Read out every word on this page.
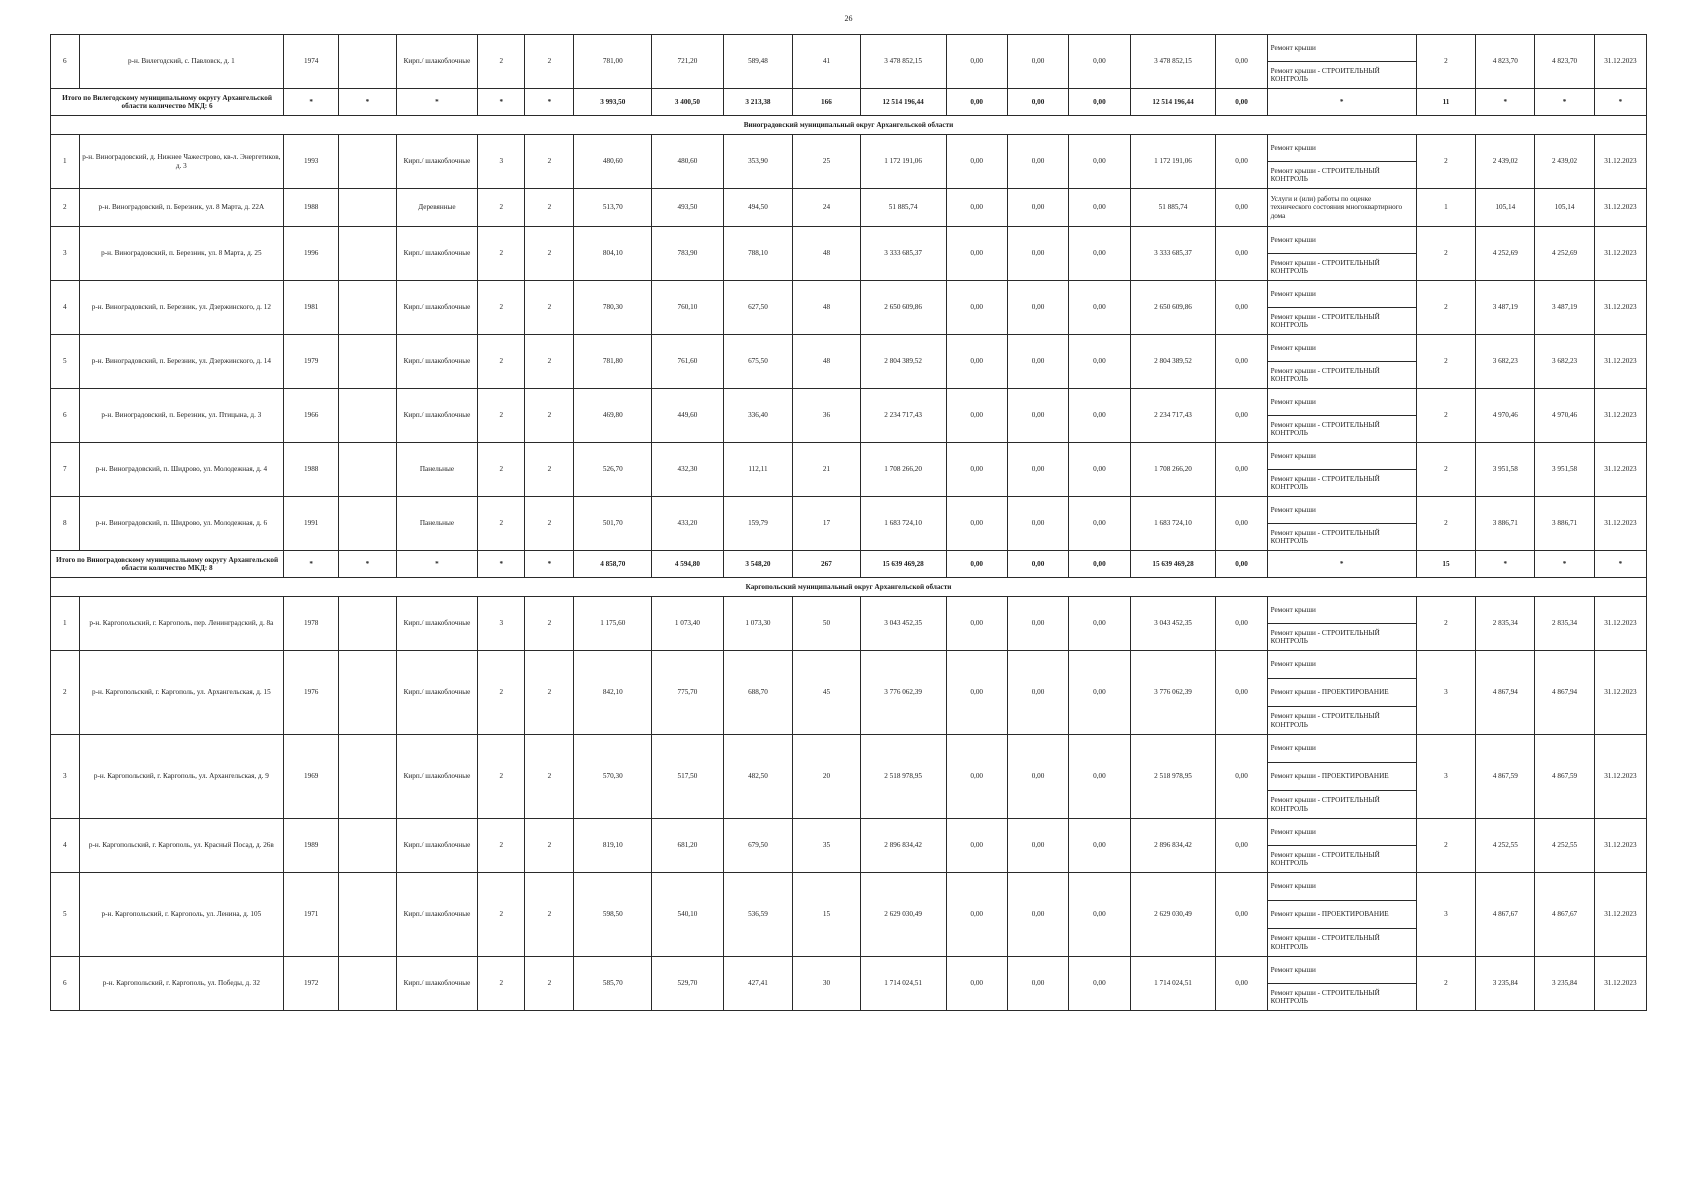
26
6	р-н. Вилегодский, с. Павловск, д. 1	1974		Кирп./ шлакоблочные	2	2	781,00	721,20	589,48	41	3 478 852,15	0,00	0,00	0,00	3 478 852,15	0,00	Ремонт крыши	2	4 823,70	4 823,70	31.12.2023
																	Ремонт крыши - СТРОИТЕЛЬНЫЙ КОНТРОЛЬ				
Итого по Вилегодскому муниципальному округу Архангельской области количество МКД: 6		*	*	*	*	*	3 993,50	3 400,50	3 213,38	166	12 514 196,44	0,00	0,00	0,00	12 514 196,44	0,00	*	11	*	*	*
Виноградовский муниципальный округ Архангельской области																					
1	р-н. Виноградовский, д. Нижнее Чажестрово, кв-л. Энергетиков, д. 3	1993		Кирп./ шлакоблочные	3	2	480,60	480,60	353,90	25	1 172 191,06	0,00	0,00	0,00	1 172 191,06	0,00	Ремонт крыши	2	2 439,02	2 439,02	31.12.2023
																	Ремонт крыши - СТРОИТЕЛЬНЫЙ КОНТРОЛЬ				
2	р-н. Виноградовский, п. Березник, ул. 8 Марта, д. 22А	1988		Деревянные	2	2	513,70	493,50	494,50	24	51 885,74	0,00	0,00	0,00	51 885,74	0,00	Услуги и (или) работы по оценке технического состояния многоквартирного дома	1	105,14	105,14	31.12.2023
3	р-н. Виноградовский, п. Березник, ул. 8 Марта, д. 25	1996		Кирп./ шлакоблочные	2	2	804,10	783,90	788,10	48	3 333 685,37	0,00	0,00	0,00	3 333 685,37	0,00	Ремонт крыши	2	4 252,69	4 252,69	31.12.2023
																	Ремонт крыши - СТРОИТЕЛЬНЫЙ КОНТРОЛЬ				
4	р-н. Виноградовский, п. Березник, ул. Дзержинского, д. 12	1981		Кирп./ шлакоблочные	2	2	780,30	760,10	627,50	48	2 650 609,86	0,00	0,00	0,00	2 650 609,86	0,00	Ремонт крыши	2	3 487,19	3 487,19	31.12.2023
																	Ремонт крыши - СТРОИТЕЛЬНЫЙ КОНТРОЛЬ				
5	р-н. Виноградовский, п. Березник, ул. Дзержинского, д. 14	1979		Кирп./ шлакоблочные	2	2	781,80	761,60	675,50	48	2 804 389,52	0,00	0,00	0,00	2 804 389,52	0,00	Ремонт крыши	2	3 682,23	3 682,23	31.12.2023
																	Ремонт крыши - СТРОИТЕЛЬНЫЙ КОНТРОЛЬ				
6	р-н. Виноградовский, п. Березник, ул. Птицына, д. 3	1966		Кирп./ шлакоблочные	2	2	469,80	449,60	336,40	36	2 234 717,43	0,00	0,00	0,00	2 234 717,43	0,00	Ремонт крыши	2	4 970,46	4 970,46	31.12.2023
																	Ремонт крыши - СТРОИТЕЛЬНЫЙ КОНТРОЛЬ				
7	р-н. Виноградовский, п. Шидрово, ул. Молодежная, д. 4	1988		Панельные	2	2	526,70	432,30	112,11	21	1 708 266,20	0,00	0,00	0,00	1 708 266,20	0,00	Ремонт крыши	2	3 951,58	3 951,58	31.12.2023
																	Ремонт крыши - СТРОИТЕЛЬНЫЙ КОНТРОЛЬ				
8	р-н. Виноградовский, п. Шидрово, ул. Молодежная, д. 6	1991		Панельные	2	2	501,70	433,20	159,79	17	1 683 724,10	0,00	0,00	0,00	1 683 724,10	0,00	Ремонт крыши	2	3 886,71	3 886,71	31.12.2023
																	Ремонт крыши - СТРОИТЕЛЬНЫЙ КОНТРОЛЬ				
Итого по Виноградовскому муниципальному округу Архангельской области количество МКД: 8		*	*	*	*	*	4 858,70	4 594,80	3 548,20	267	15 639 469,28	0,00	0,00	0,00	15 639 469,28	0,00	*	15	*	*	*
Каргопольский муниципальный округ Архангельской области																					
1	р-н. Каргопольский, г. Каргополь, пер. Ленинградский, д. 8а	1978		Кирп./ шлакоблочные	3	2	1 175,60	1 073,40	1 073,30	50	3 043 452,35	0,00	0,00	0,00	3 043 452,35	0,00	Ремонт крыши	2	2 835,34	2 835,34	31.12.2023
																	Ремонт крыши - СТРОИТЕЛЬНЫЙ КОНТРОЛЬ				
2	р-н. Каргопольский, г. Каргополь, ул. Архангельская, д. 15	1976		Кирп./ шлакоблочные	2	2	842,10	775,70	688,70	45	3 776 062,39	0,00	0,00	0,00	3 776 062,39	0,00	Ремонт крыши	3	4 867,94	4 867,94	31.12.2023
																	Ремонт крыши - ПРОЕКТИРОВАНИЕ				
																	Ремонт крыши - СТРОИТЕЛЬНЫЙ КОНТРОЛЬ				
3	р-н. Каргопольский, г. Каргополь, ул. Архангельская, д. 9	1969		Кирп./ шлакоблочные	2	2	570,30	517,50	482,50	20	2 518 978,95	0,00	0,00	0,00	2 518 978,95	0,00	Ремонт крыши	3	4 867,59	4 867,59	31.12.2023
																	Ремонт крыши - ПРОЕКТИРОВАНИЕ				
																	Ремонт крыши - СТРОИТЕЛЬНЫЙ КОНТРОЛЬ				
4	р-н. Каргопольский, г. Каргополь, ул. Красный Посад, д. 26в	1989		Кирп./ шлакоблочные	2	2	819,10	681,20	679,50	35	2 896 834,42	0,00	0,00	0,00	2 896 834,42	0,00	Ремонт крыши	2	4 252,55	4 252,55	31.12.2023
																	Ремонт крыши - СТРОИТЕЛЬНЫЙ КОНТРОЛЬ				
5	р-н. Каргопольский, г. Каргополь, ул. Ленина, д. 105	1971		Кирп./ шлакоблочные	2	2	598,50	540,10	536,59	15	2 629 030,49	0,00	0,00	0,00	2 629 030,49	0,00	Ремонт крыши	3	4 867,67	4 867,67	31.12.2023
																	Ремонт крыши - ПРОЕКТИРОВАНИЕ				
																	Ремонт крыши - СТРОИТЕЛЬНЫЙ КОНТРОЛЬ				
6	р-н. Каргопольский, г. Каргополь, ул. Победы, д. 32	1972		Кирп./ шлакоблочные	2	2	585,70	529,70	427,41	30	1 714 024,51	0,00	0,00	0,00	1 714 024,51	0,00	Ремонт крыши	2	3 235,84	3 235,84	31.12.2023
																	Ремонт крыши - СТРОИТЕЛЬНЫЙ КОНТРОЛЬ				
